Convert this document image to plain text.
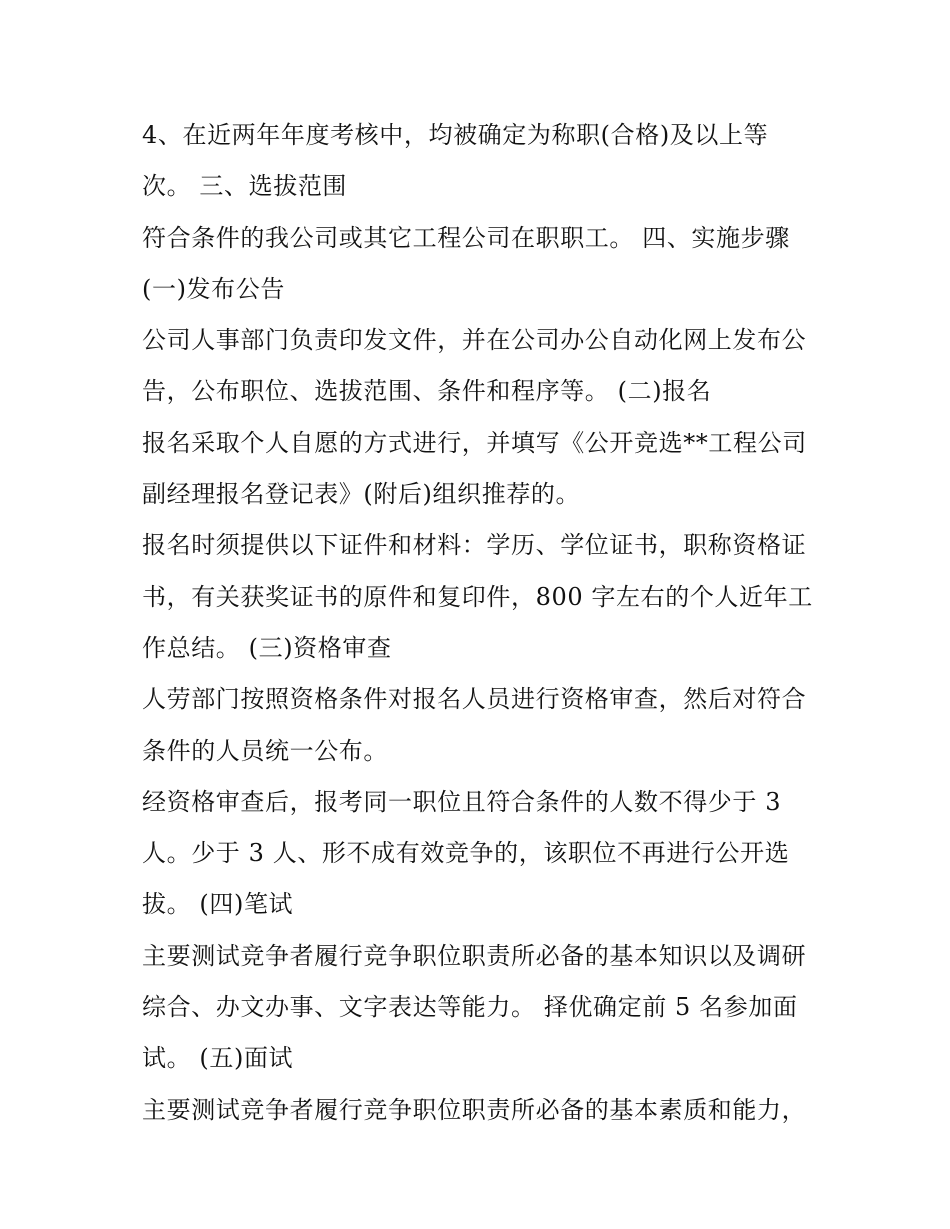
4、在近两年年度考核中，均被确定为称职(合格)及以上等
次。 三、选拔范围
符合条件的我公司或其它工程公司在职职工。 四、实施步骤
(一)发布公告
公司人事部门负责印发文件，并在公司办公自动化网上发布公
告，公布职位、选拔范围、条件和程序等。 (二)报名
报名采取个人自愿的方式进行，并填写《公开竞选**工程公司
副经理报名登记表》(附后)组织推荐的。
报名时须提供以下证件和材料：学历、学位证书，职称资格证
书，有关获奖证书的原件和复印件，800 字左右的个人近年工
作总结。 (三)资格审查
人劳部门按照资格条件对报名人员进行资格审查，然后对符合
条件的人员统一公布。
经资格审查后，报考同一职位且符合条件的人数不得少于 3
人。少于 3 人、形不成有效竞争的，该职位不再进行公开选
拔。 (四)笔试
主要测试竞争者履行竞争职位职责所必备的基本知识以及调研
综合、办文办事、文字表达等能力。 择优确定前 5 名参加面
试。 (五)面试
主要测试竞争者履行竞争职位职责所必备的基本素质和能力，
